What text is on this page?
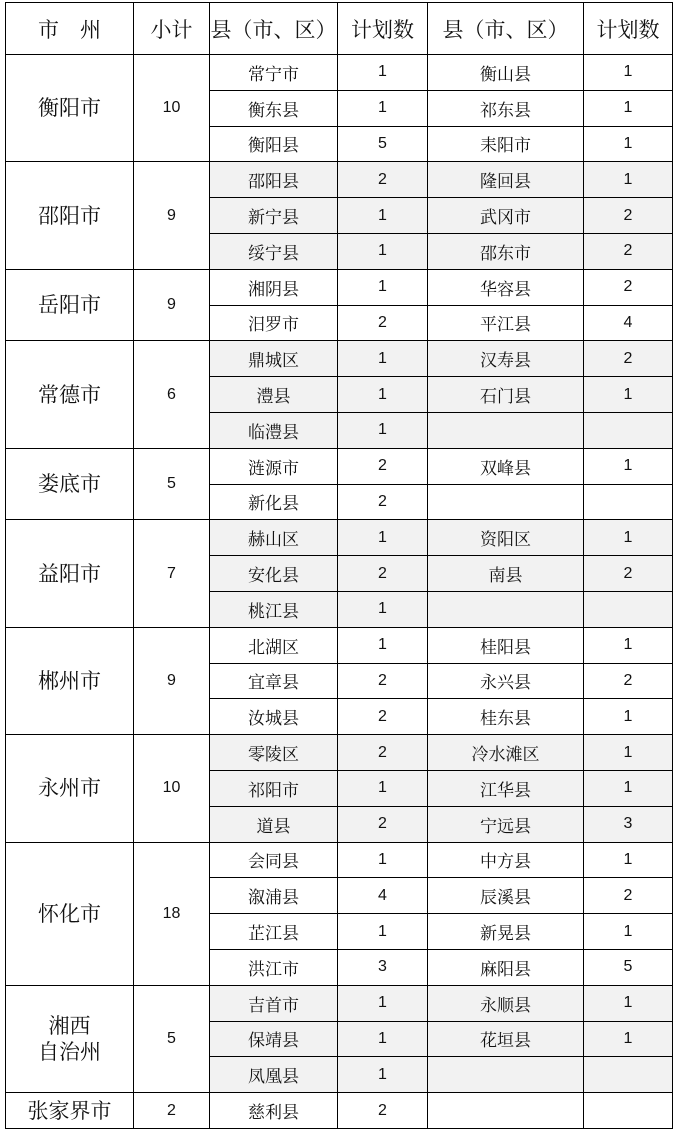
市　州	小计	县（市、区）	计划数	县（市、区）	计划数
衡阳市	10	常宁市	1	衡山县	1
		衡东县	1	祁东县	1
		衡阳县	5	耒阳市	1
邵阳市	9	邵阳县	2	隆回县	1
		新宁县	1	武冈市	2
		绥宁县	1	邵东市	2
岳阳市	9	湘阴县	1	华容县	2
		汨罗市	2	平江县	4
常德市	6	鼎城区	1	汉寿县	2
		澧县	1	石门县	1
		临澧县	1		
娄底市	5	涟源市	2	双峰县	1
		新化县	2		
益阳市	7	赫山区	1	资阳区	1
		安化县	2	南县	2
		桃江县	1		
郴州市	9	北湖区	1	桂阳县	1
		宜章县	2	永兴县	2
		汝城县	2	桂东县	1
永州市	10	零陵区	2	冷水滩区	1
		祁阳市	1	江华县	1
		道县	2	宁远县	3
怀化市	18	会同县	1	中方县	1
		溆浦县	4	辰溪县	2
		芷江县	1	新晃县	1
		洪江市	3	麻阳县	5
湘西
自治州	5	吉首市	1	永顺县	1
		保靖县	1	花垣县	1
		凤凰县	1		
张家界市	2	慈利县	2		
